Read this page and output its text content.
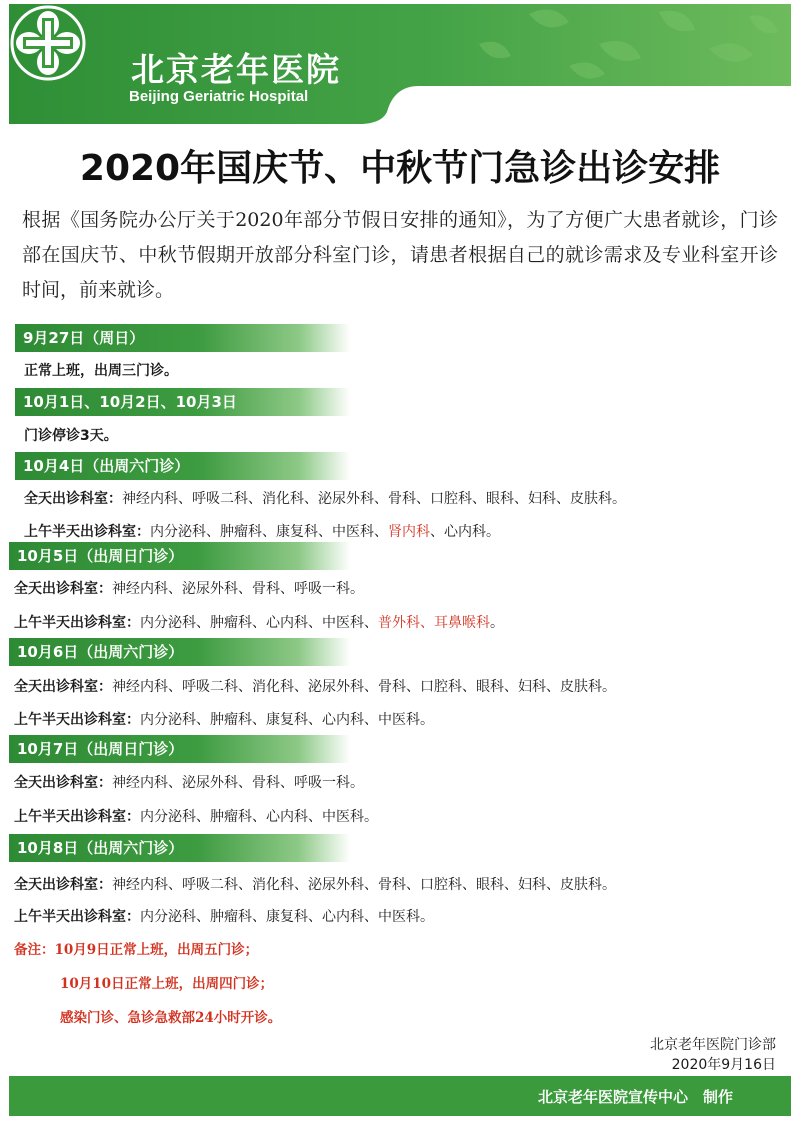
北京老年医院
Beijing Geriatric Hospital
2020年国庆节、中秋节门急诊出诊安排
根据《国务院办公厅关于2020年部分节假日安排的通知》，为了方便广大患者就诊，门诊部在国庆节、中秋节假期开放部分科室门诊，请患者根据自己的就诊需求及专业科室开诊时间，前来就诊。
9月27日（周日）
正常上班，出周三门诊。
10月1日、10月2日、10月3日
门诊停诊3天。
10月4日（出周六门诊）
全天出诊科室：神经内科、呼吸二科、消化科、泌尿外科、骨科、口腔科、眼科、妇科、皮肤科。
上午半天出诊科室：内分泌科、肿瘤科、康复科、中医科、肾内科、心内科。
10月5日（出周日门诊）
全天出诊科室：神经内科、泌尿外科、骨科、呼吸一科。
上午半天出诊科室：内分泌科、肿瘤科、心内科、中医科、普外科、耳鼻喉科。
10月6日（出周六门诊）
全天出诊科室：神经内科、呼吸二科、消化科、泌尿外科、骨科、口腔科、眼科、妇科、皮肤科。
上午半天出诊科室：内分泌科、肿瘤科、康复科、心内科、中医科。
10月7日（出周日门诊）
全天出诊科室：神经内科、泌尿外科、骨科、呼吸一科。
上午半天出诊科室：内分泌科、肿瘤科、心内科、中医科。
10月8日（出周六门诊）
全天出诊科室：神经内科、呼吸二科、消化科、泌尿外科、骨科、口腔科、眼科、妇科、皮肤科。
上午半天出诊科室：内分泌科、肿瘤科、康复科、心内科、中医科。
备注：10月9日正常上班，出周五门诊；
10月10日正常上班，出周四门诊；
感染门诊、急诊急救部24小时开诊。
北京老年医院门诊部
2020年9月16日
北京老年医院宣传中心　制作
